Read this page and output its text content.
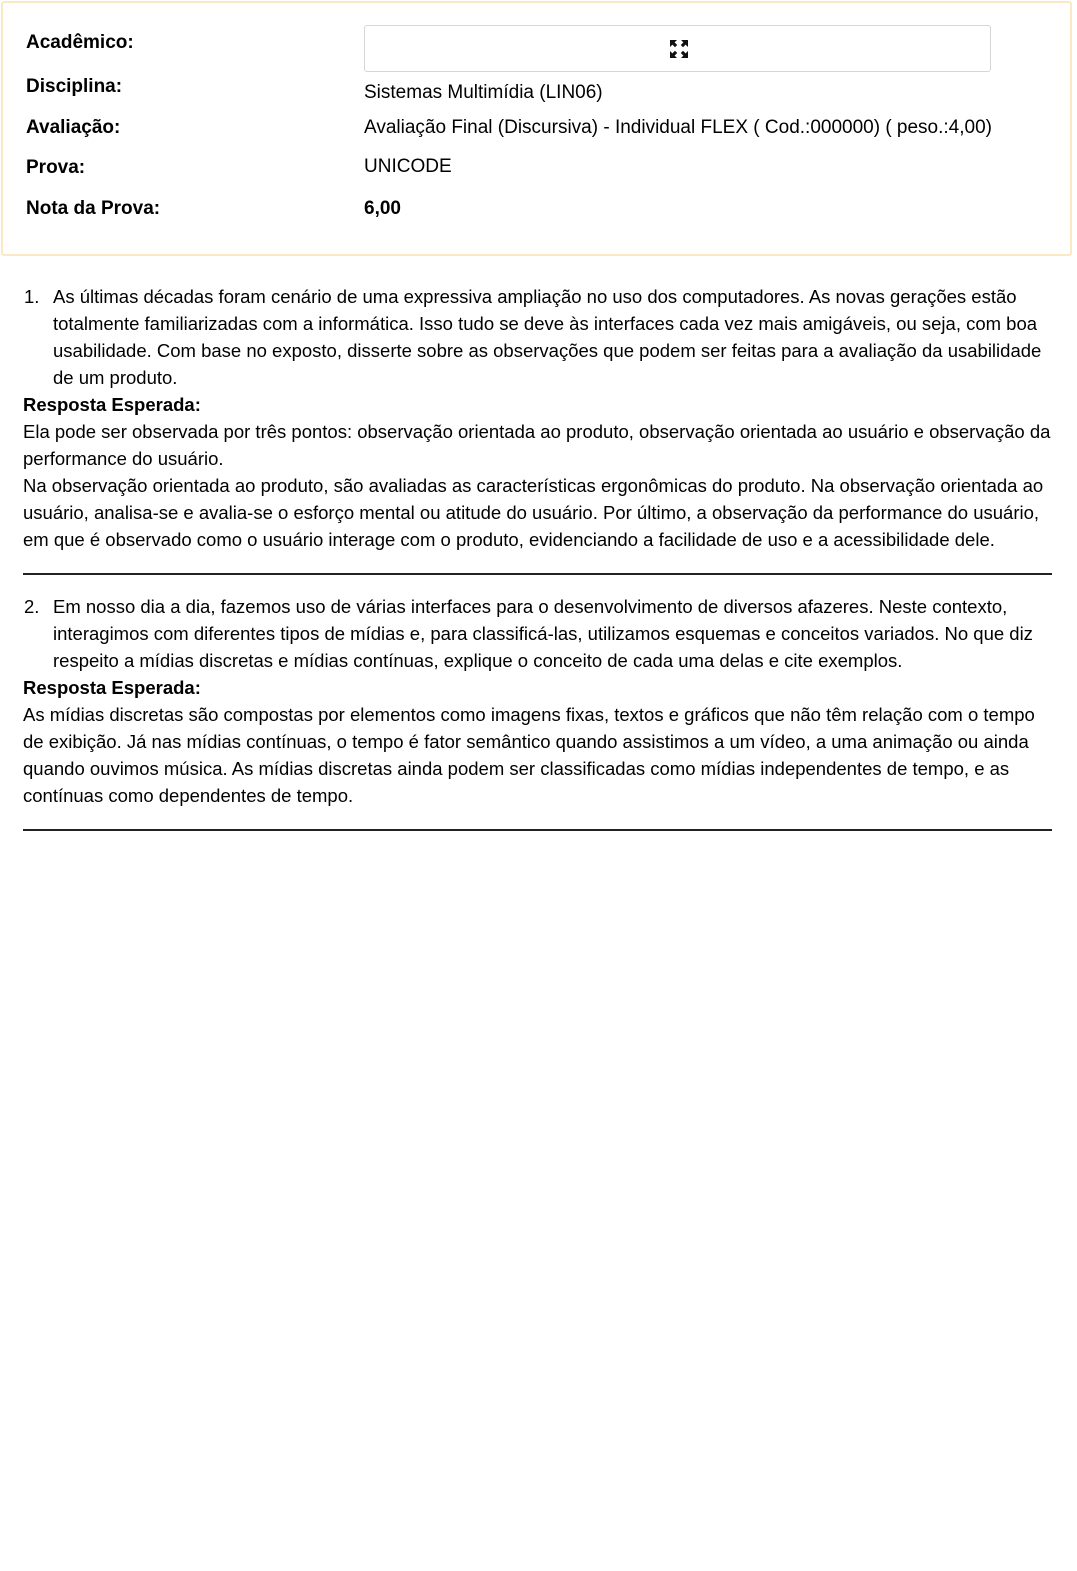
Acadêmico:
Disciplina:	Sistemas Multimídia (LIN06)
Avaliação:	Avaliação Final (Discursiva) - Individual FLEX ( Cod.:000000) ( peso.:4,00)
Prova:	UNICODE
Nota da Prova:	6,00
1. As últimas décadas foram cenário de uma expressiva ampliação no uso dos computadores. As novas gerações estão totalmente familiarizadas com a informática. Isso tudo se deve às interfaces cada vez mais amigáveis, ou seja, com boa usabilidade. Com base no exposto, disserte sobre as observações que podem ser feitas para a avaliação da usabilidade de um produto.
Resposta Esperada:

Ela pode ser observada por três pontos: observação orientada ao produto, observação orientada ao usuário e observação da performance do usuário.

Na observação orientada ao produto, são avaliadas as características ergonômicas do produto. Na observação orientada ao usuário, analisa-se e avalia-se o esforço mental ou atitude do usuário. Por último, a observação da performance do usuário, em que é observado como o usuário interage com o produto, evidenciando a facilidade de uso e a acessibilidade dele.

2. Em nosso dia a dia, fazemos uso de várias interfaces para o desenvolvimento de diversos afazeres. Neste contexto, interagimos com diferentes tipos de mídias e, para classificá-las, utilizamos esquemas e conceitos variados. No que diz respeito a mídias discretas e mídias contínuas, explique o conceito de cada uma delas e cite exemplos.
Resposta Esperada:

As mídias discretas são compostas por elementos como imagens fixas, textos e gráficos que não têm relação com o tempo de exibição. Já nas mídias contínuas, o tempo é fator semântico quando assistimos a um vídeo, a uma animação ou ainda quando ouvimos música. As mídias discretas ainda podem ser classificadas como mídias independentes de tempo, e as contínuas como dependentes de tempo.
